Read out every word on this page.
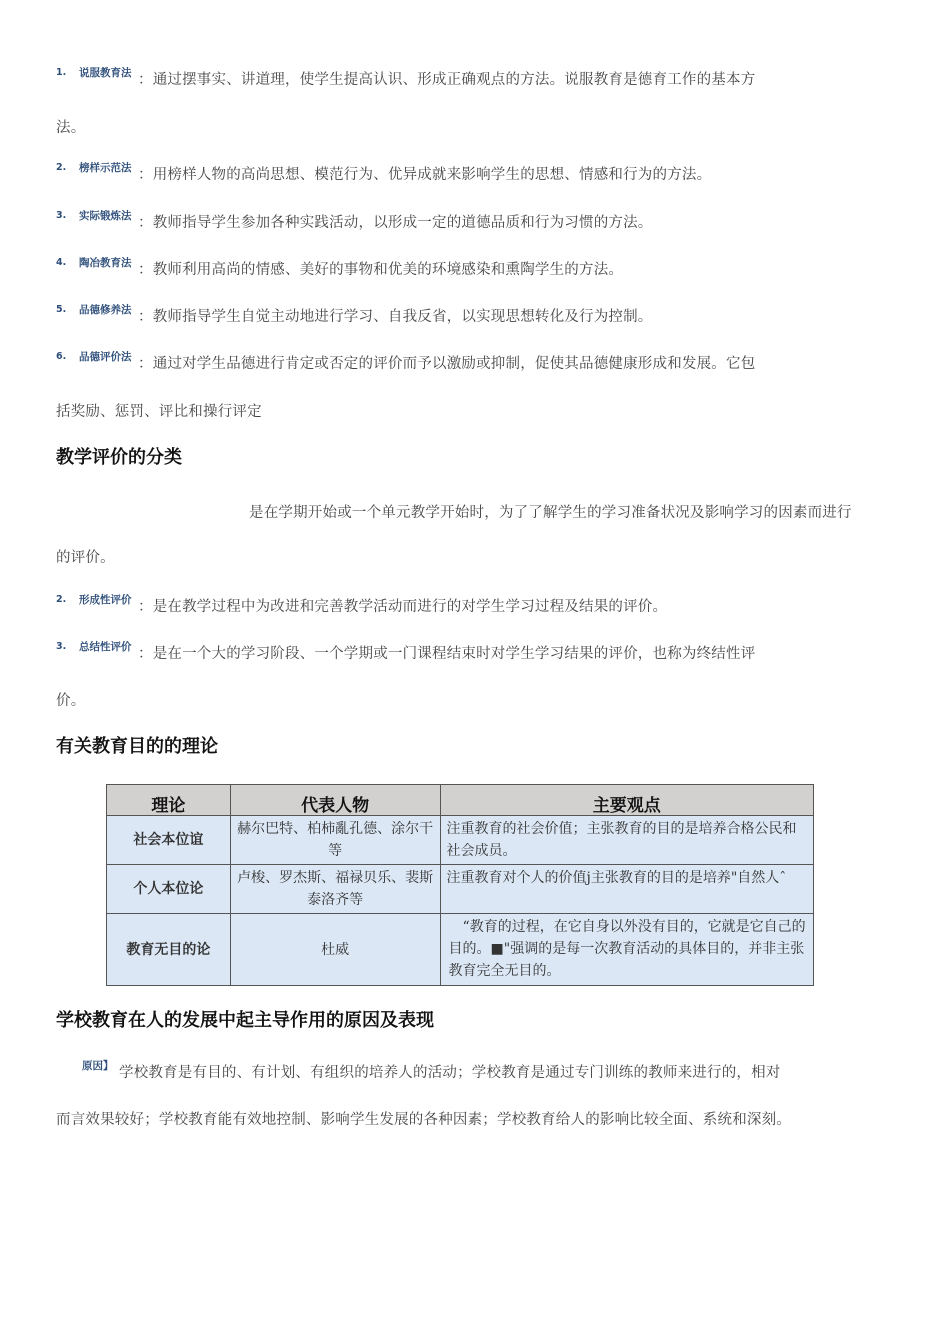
1. 说服教育法 ：通过摆事实、讲道理，使学生提高认识、形成正确观点的方法。说服教育是德育工作的基本方
法。
2. 榜样示范法 ：用榜样人物的高尚思想、模范行为、优异成就来影响学生的思想、情感和行为的方法。
3. 实际锻炼法 ：教师指导学生参加各种实践活动，以形成一定的道德品质和行为习惯的方法。
4. 陶冶教育法 ：教师利用高尚的情感、美好的事物和优美的环境感染和熏陶学生的方法。
5. 品德修养法 ：教师指导学生自觉主动地进行学习、自我反省，以实现思想转化及行为控制。
6. 品德评价法 ：通过对学生品德进行肯定或否定的评价而予以激励或抑制，促使其品德健康形成和发展。它包
括奖励、惩罚、评比和操行评定
教学评价的分类
是在学期开始或一个单元教学开始时，为了了解学生的学习准备状况及影响学习的因素而进行
的评价。
2. 形成性评价 ：是在教学过程中为改进和完善教学活动而进行的对学生学习过程及结果的评价。
3. 总结性评价 ：是在一个大的学习阶段、一个学期或一门课程结束时对学生学习结果的评价，也称为终结性评
价。
有关教育目的的理论
理论	代表人物	主要观点
社会本位谊	赫尔巴特、柏柿亂孔德、涂尔干等	注重教育的社会价值；主张教育的目的是培养合格公民和社会成员。
个人本位论	卢梭、罗杰斯、福禄贝乐、裴斯泰洛齐等	注重教育对个人的价值j主张教育的目的是培养"自然人ˆ
教育无目的论	杜威	“教育的过程，在它自身以外没有目的，它就是它自己的目的。■"强调的是每一次教育活动的具体目的，并非主张教育完全无目的。
学校教育在人的发展中起主导作用的原因及表现
原因】 学校教育是有目的、有计划、有组织的培养人的活动；学校教育是通过专门训练的教师来进行的，相对
而言效果较好；学校教育能有效地控制、影响学生发展的各种因素；学校教育给人的影响比较全面、系统和深刻。
